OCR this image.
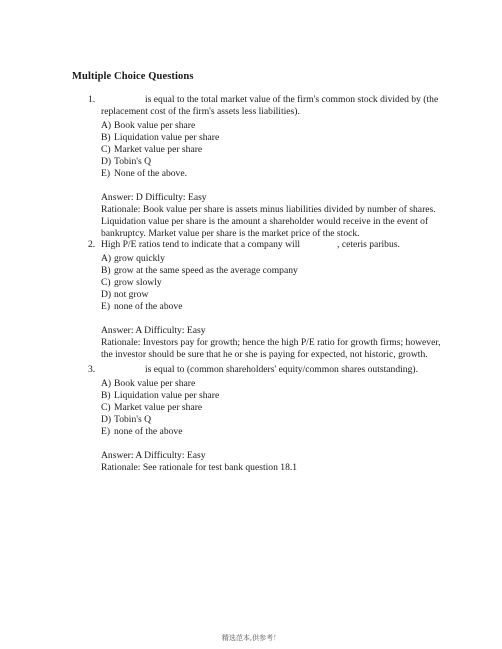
Multiple Choice Questions
1.	is equal to the total market value of the firm's common stock divided by (the
replacement cost of the firm's assets less liabilities).
A) Book value per share
B) Liquidation value per share
C) Market value per share
D) Tobin's Q
E) None of the above.
Answer: D Difficulty: Easy
Rationale: Book value per share is assets minus liabilities divided by number of shares.
Liquidation value per share is the amount a shareholder would receive in the event of
bankruptcy. Market value per share is the market price of the stock.
2. High P/E ratios tend to indicate that a company will	, ceteris paribus.
A) grow quickly
B) grow at the same speed as the average company
C) grow slowly
D) not grow
E) none of the above
Answer: A Difficulty: Easy
Rationale: Investors pay for growth; hence the high P/E ratio for growth firms; however,
the investor should be sure that he or she is paying for expected, not historic, growth.
3.	is equal to (common shareholders' equity/common shares outstanding).
A) Book value per share
B) Liquidation value per share
C) Market value per share
D) Tobin's Q
E) none of the above
Answer: A Difficulty: Easy
Rationale: See rationale for test bank question 18.1
精选范本,供参考！
